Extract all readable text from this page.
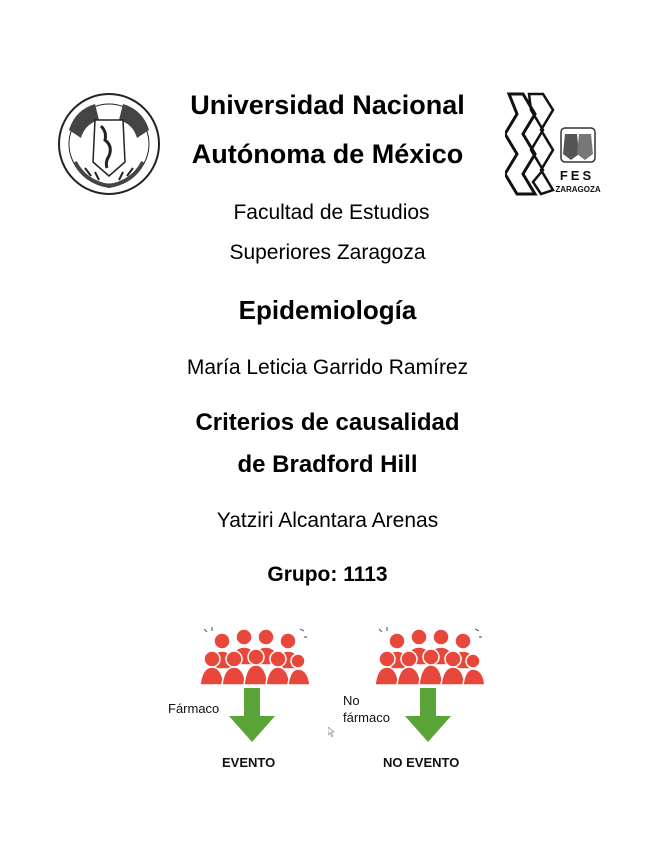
FES
ZARAGOZA
Universidad Nacional
Autónoma de México
Facultad de Estudios
Superiores Zaragoza
Epidemiología
María Leticia Garrido Ramírez
Criterios de causalidad
de Bradford Hill
Yatziri Alcantara Arenas
Grupo: 1113
Fármaco
EVENTO
No
fármaco
NO EVENTO
